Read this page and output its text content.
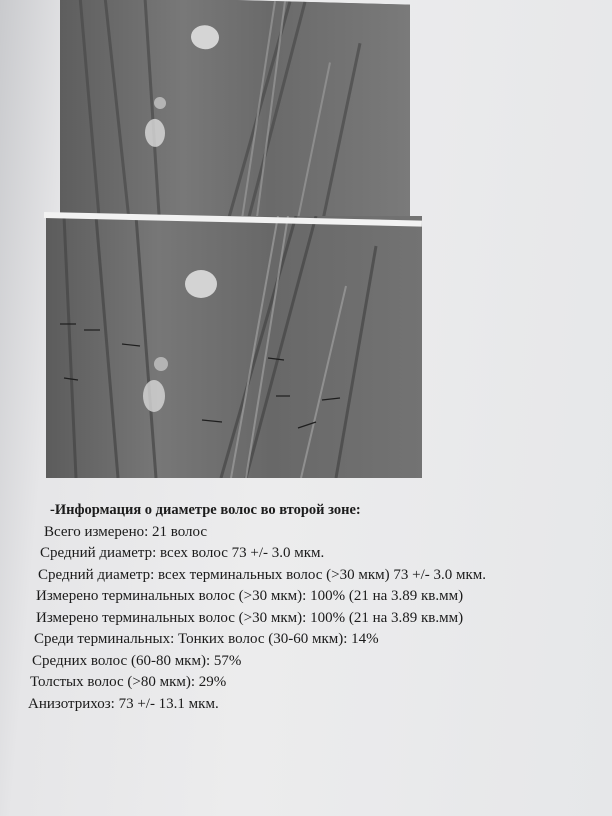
-Информация о диаметре волос во второй зоне:
Всего измерено: 21 волос
Средний диаметр: всех волос 73 +/- 3.0 мкм.
Средний диаметр: всех терминальных волос (>30 мкм) 73 +/- 3.0 мкм.
Измерено терминальных волос (>30 мкм): 100% (21 на 3.89 кв.мм)
Измерено терминальных волос (>30 мкм): 100% (21 на 3.89 кв.мм)
Среди терминальных: Тонких волос (30-60 мкм): 14%
Средних волос (60-80 мкм): 57%
Толстых волос (>80 мкм): 29%
Анизотрихоз: 73 +/- 13.1 мкм.
